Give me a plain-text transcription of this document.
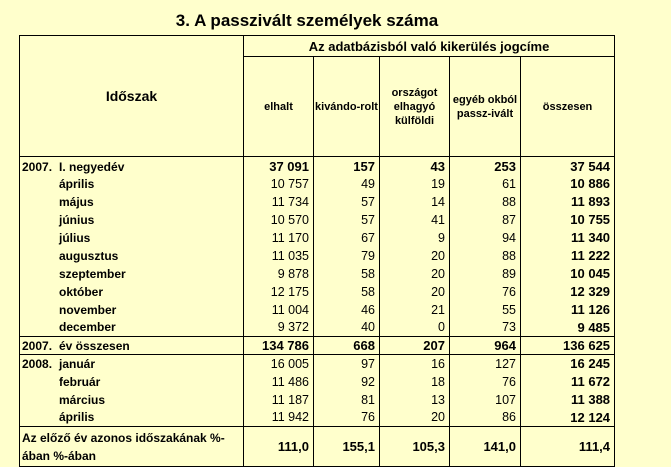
3. A passzivált személyek száma
Időszak	Az adatbázisból való kikerülés jogcíme				
	elhalt	kivándo-rolt	országot elhagyó külföldi	egyéb okból passz-ivált	összesen
2007. I. negyedév	37 091	157	43	253	37 544
április	10 757	49	19	61	10 886
május	11 734	57	14	88	11 893
június	10 570	57	41	87	10 755
július	11 170	67	9	94	11 340
augusztus	11 035	79	20	88	11 222
szeptember	9 878	58	20	89	10 045
október	12 175	58	20	76	12 329
november	11 004	46	21	55	11 126
december	9 372	40	0	73	9 485
2007. év összesen	134 786	668	207	964	136 625
2008. január	16 005	97	16	127	16 245
február	11 486	92	18	76	11 672
március	11 187	81	13	107	11 388
április	11 942	76	20	86	12 124
Az előző év azonos időszakának %-ában %-ában	111,0	155,1	105,3	141,0	111,4
